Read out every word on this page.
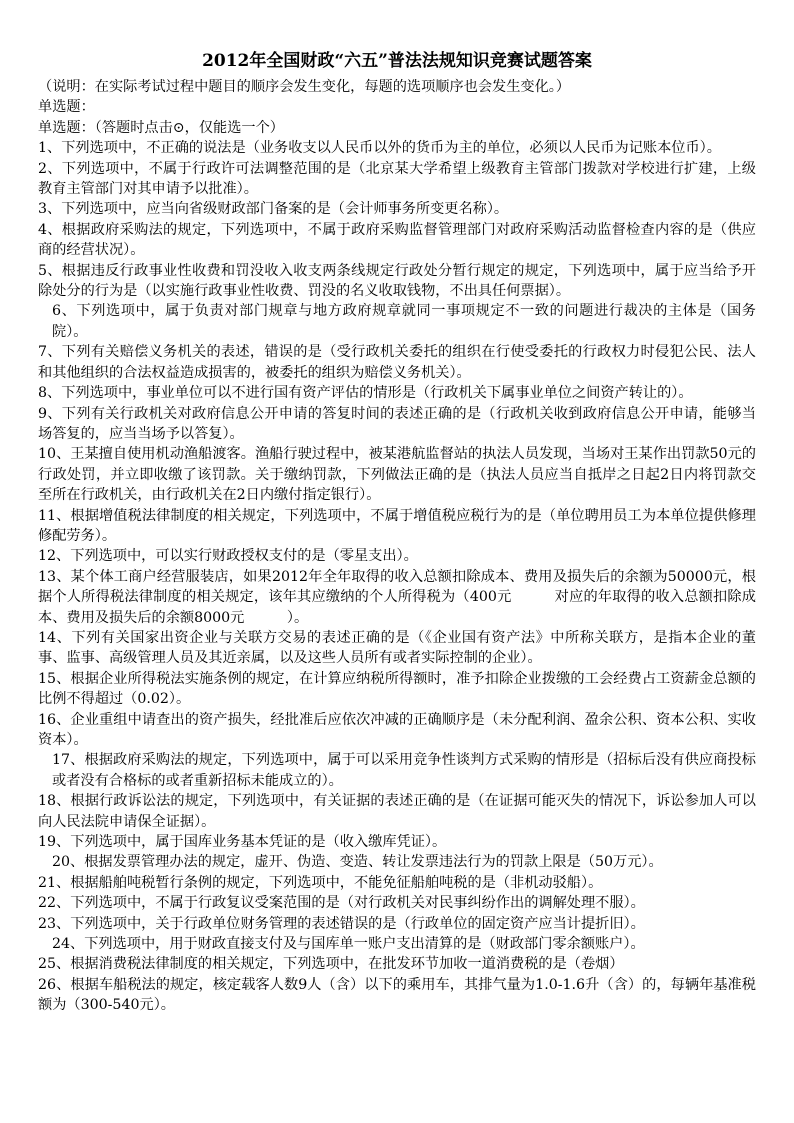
2012年全国财政“六五”普法法规知识竞赛试题答案

（说明：在实际考试过程中题目的顺序会发生变化，每题的选项顺序也会发生变化。）

单选题：

单选题：（答题时点击⊙，仅能选一个）

1、下列选项中，不正确的说法是（业务收支以人民币以外的货币为主的单位，必须以人民币为记账本位币）。

2、下列选项中，不属于行政许可法调整范围的是（北京某大学希望上级教育主管部门拨款对学校进行扩建，上级教育主管部门对其申请予以批准）。

3、下列选项中，应当向省级财政部门备案的是（会计师事务所变更名称）。

4、根据政府采购法的规定，下列选项中，不属于政府采购监督管理部门对政府采购活动监督检查内容的是（供应商的经营状况）。

5、根据违反行政事业性收费和罚没收入收支两条线规定行政处分暂行规定的规定，下列选项中，属于应当给予开除处分的行为是（以实施行政事业性收费、罚没的名义收取钱物，不出具任何票据）。

6、下列选项中，属于负责对部门规章与地方政府规章就同一事项规定不一致的问题进行裁决的主体是（国务院）。

7、下列有关赔偿义务机关的表述，错误的是（受行政机关委托的组织在行使受委托的行政权力时侵犯公民、法人和其他组织的合法权益造成损害的，被委托的组织为赔偿义务机关）。

8、下列选项中，事业单位可以不进行国有资产评估的情形是（行政机关下属事业单位之间资产转让的）。

9、下列有关行政机关对政府信息公开申请的答复时间的表述正确的是（行政机关收到政府信息公开申请，能够当场答复的，应当当场予以答复）。

10、王某擅自使用机动渔船渡客。渔船行驶过程中，被某港航监督站的执法人员发现，当场对王某作出罚款50元的行政处罚，并立即收缴了该罚款。关于缴纳罚款，下列做法正确的是（执法人员应当自抵岸之日起2日内将罚款交至所在行政机关，由行政机关在2日内缴付指定银行）。

11、根据增值税法律制度的相关规定，下列选项中，不属于增值税应税行为的是（单位聘用员工为本单位提供修理修配劳务）。

12、下列选项中，可以实行财政授权支付的是（零星支出）。

13、某个体工商户经营服装店，如果2012年全年取得的收入总额扣除成本、费用及损失后的余额为50000元，根据个人所得税法律制度的相关规定，该年其应缴纳的个人所得税为（400元　　　对应的年取得的收入总额扣除成本、费用及损失后的余额8000元　　　）。

14、下列有关国家出资企业与关联方交易的表述正确的是（《企业国有资产法》中所称关联方，是指本企业的董事、监事、高级管理人员及其近亲属，以及这些人员所有或者实际控制的企业）。

15、根据企业所得税法实施条例的规定，在计算应纳税所得额时，准予扣除企业拨缴的工会经费占工资薪金总额的比例不得超过（0.02）。

16、企业重组中请查出的资产损失，经批准后应依次冲减的正确顺序是（未分配利润、盈余公积、资本公积、实收资本）。

17、根据政府采购法的规定，下列选项中，属于可以采用竞争性谈判方式采购的情形是（招标后没有供应商投标或者没有合格标的或者重新招标未能成立的）。

18、根据行政诉讼法的规定，下列选项中，有关证据的表述正确的是（在证据可能灭失的情况下，诉讼参加人可以向人民法院申请保全证据）。

19、下列选项中，属于国库业务基本凭证的是（收入缴库凭证）。

20、根据发票管理办法的规定，虚开、伪造、变造、转让发票违法行为的罚款上限是（50万元）。

21、根据船舶吨税暂行条例的规定，下列选项中，不能免征船舶吨税的是（非机动驳船）。

22、下列选项中，不属于行政复议受案范围的是（对行政机关对民事纠纷作出的调解处理不服）。

23、下列选项中，关于行政单位财务管理的表述错误的是（行政单位的固定资产应当计提折旧）。

24、下列选项中，用于财政直接支付及与国库单一账户支出清算的是（财政部门零余额账户）。

25、根据消费税法律制度的相关规定，下列选项中，在批发环节加收一道消费税的是（卷烟）

26、根据车船税法的规定，核定载客人数9人（含）以下的乘用车，其排气量为1.0-1.6升（含）的，每辆年基准税额为（300-540元）。
